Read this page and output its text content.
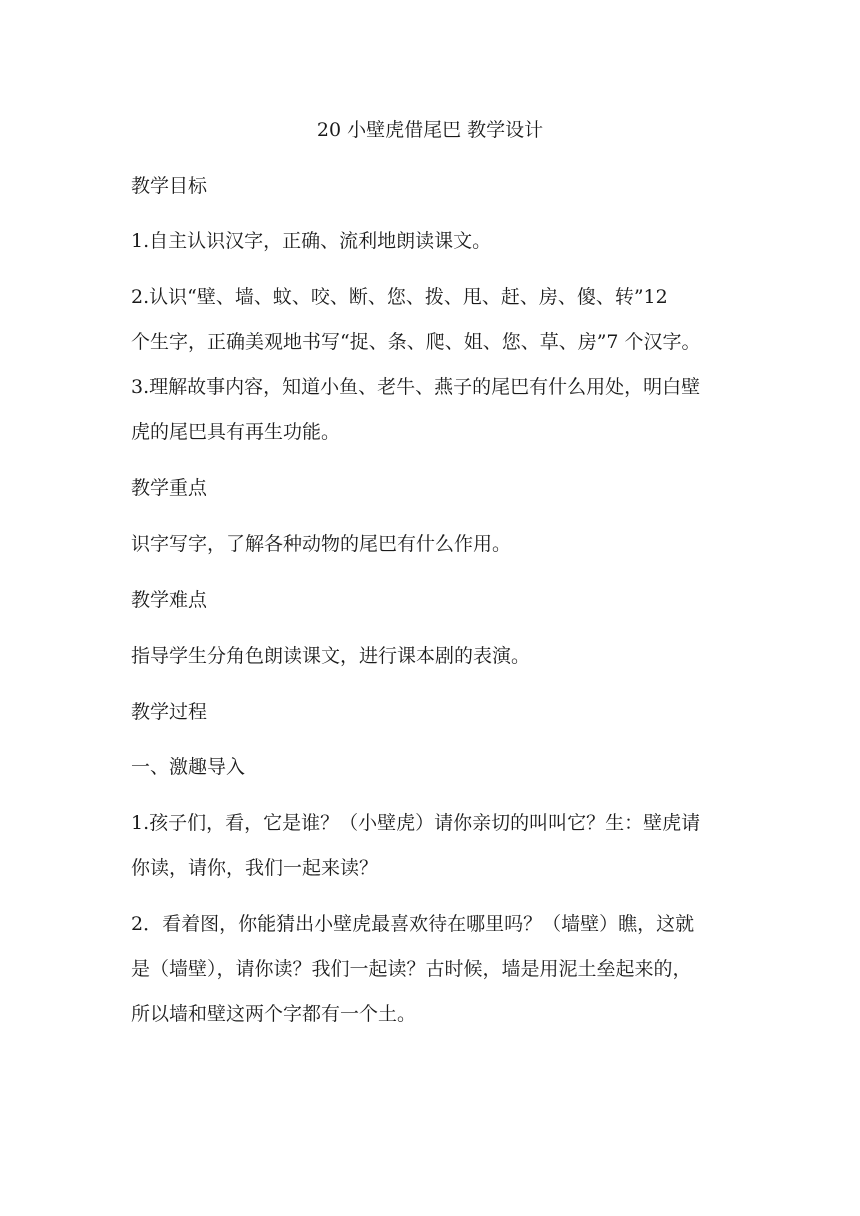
20 小壁虎借尾巴 教学设计
教学目标
1.自主认识汉字，正确、流利地朗读课文。
2.认识“壁、墙、蚊、咬、断、您、拨、甩、赶、房、傻、转”12
个生字，正确美观地书写“捉、条、爬、姐、您、草、房”7 个汉字。
3.理解故事内容，知道小鱼、老牛、燕子的尾巴有什么用处，明白壁
虎的尾巴具有再生功能。
教学重点
识字写字，了解各种动物的尾巴有什么作用。
教学难点
指导学生分角色朗读课文，进行课本剧的表演。
教学过程
一、激趣导入
1.孩子们，看，它是谁？（小壁虎）请你亲切的叫叫它？生：壁虎请
你读，请你，我们一起来读？
2．看着图，你能猜出小壁虎最喜欢待在哪里吗？（墙壁）瞧，这就
是（墙壁），请你读？我们一起读？古时候，墙是用泥土垒起来的，
所以墙和壁这两个字都有一个土。
